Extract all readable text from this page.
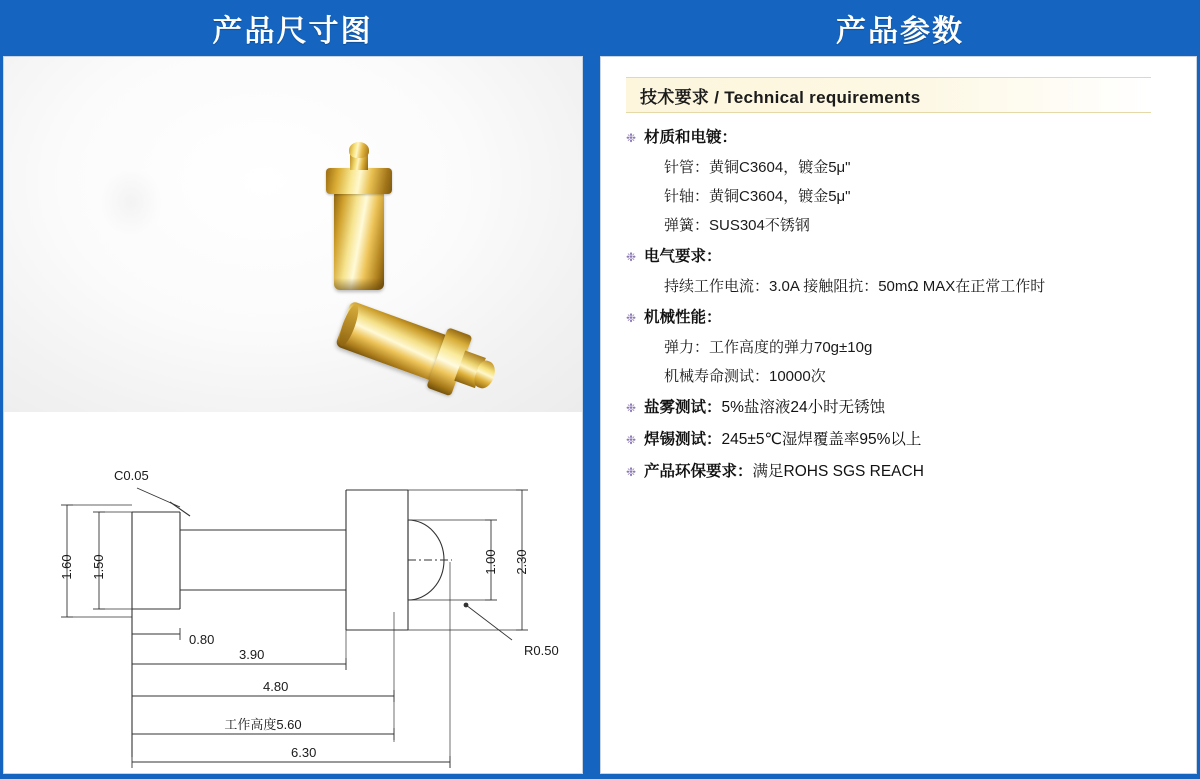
产品尺寸图	产品参数
C0.05
R0.50
1.60 1.50	1.00 2.30
0.80
3.90
4.80
工作高度5.60
6.30
技术要求 / Technical requirements
❉ 材质和电镀：
针管：黄铜C3604，镀金5μ"
针轴：黄铜C3604，镀金5μ"
弹簧：SUS304不锈钢
❉ 电气要求：
持续工作电流：3.0A 接触阻抗：50mΩ MAX在正常工作时
❉ 机械性能：
弹力：工作高度的弹力70g±10g
机械寿命测试：10000次
❉ 盐雾测试： 5%盐溶液24小时无锈蚀
❉ 焊锡测试： 245±5℃湿焊覆盖率95%以上
❉ 产品环保要求： 满足ROHS SGS REACH
